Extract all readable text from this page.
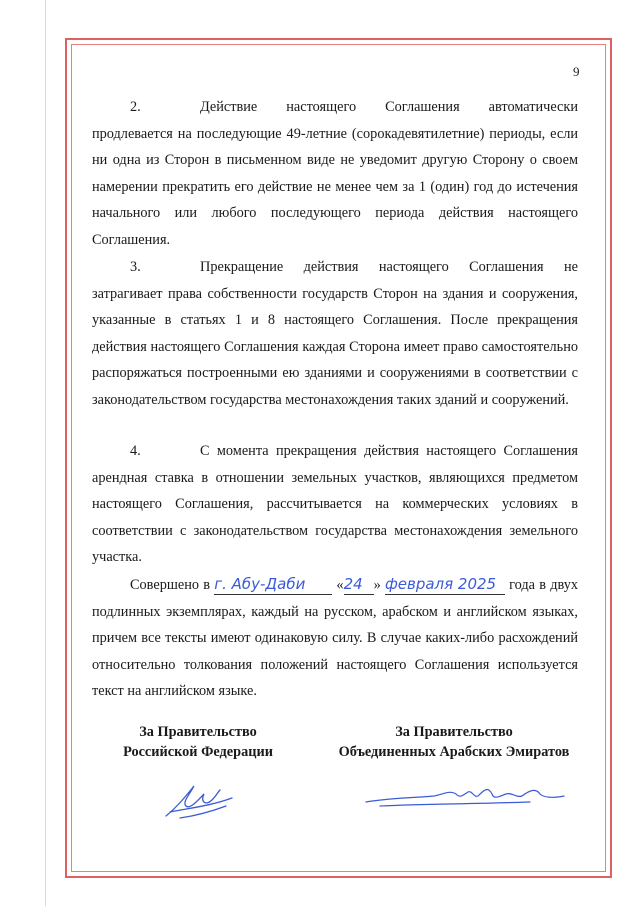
9
2.	Действие настоящего Соглашения автоматически продлевается на последующие 49-летние (сорокадевятилетние) периоды, если ни одна из Сторон в письменном виде не уведомит другую Сторону о своем намерении прекратить его действие не менее чем за 1 (один) год до истечения начального или любого последующего периода действия настоящего Соглашения.
3.	Прекращение действия настоящего Соглашения не затрагивает права собственности государств Сторон на здания и сооружения, указанные в статьях 1 и 8 настоящего Соглашения. После прекращения действия настоящего Соглашения каждая Сторона имеет право самостоятельно распоряжаться построенными ею зданиями и сооружениями в соответствии с законодательством государства местонахождения таких зданий и сооружений.
4.	С момента прекращения действия настоящего Соглашения арендная ставка в отношении земельных участков, являющихся предметом настоящего Соглашения, рассчитывается на коммерческих условиях в соответствии с законодательством государства местонахождения земельного участка.
Совершено в г. Абу-Даби «24 » февраля 2025 года в двух подлинных экземплярах, каждый на русском, арабском и английском языках, причем все тексты имеют одинаковую силу. В случае каких-либо расхождений относительно толкования положений настоящего Соглашения используется текст на английском языке.
За Правительство
Российской Федерации
За Правительство
Объединенных Арабских Эмиратов
